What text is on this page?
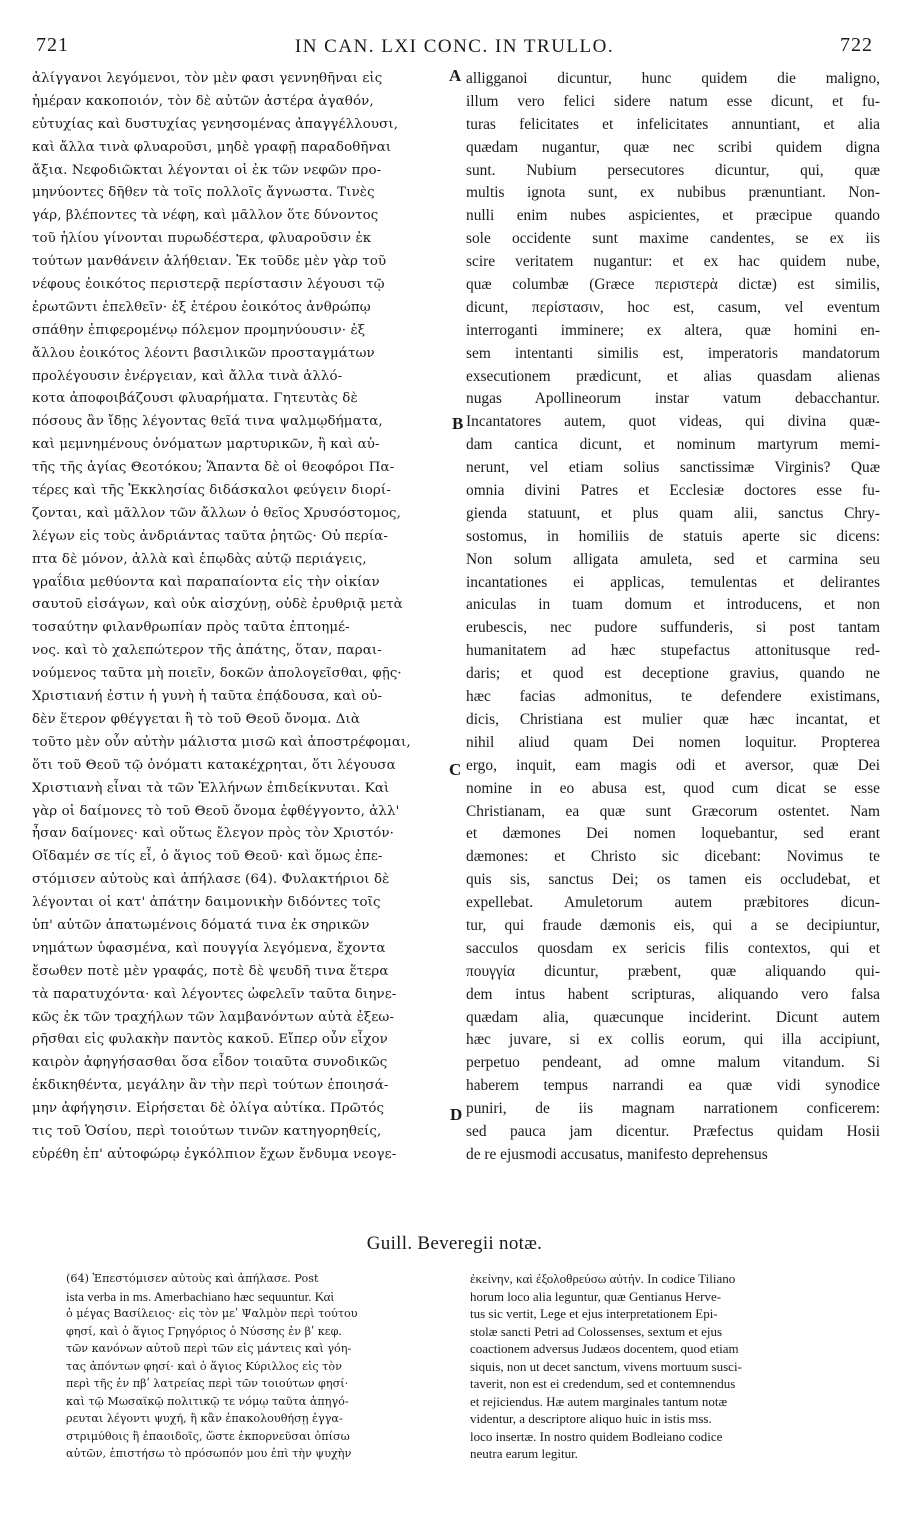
721	IN CAN. LXI CONC. IN TRULLO.	722
ἀλίγγανοι λεγόμενοι, τὸν μὲν φασι γεννηθῆναι εἰς
ἡμέραν κακοποιόν, τὸν δὲ αὐτῶν ἀστέρα ἀγαθόν,
εὐτυχίας καὶ δυστυχίας γενησομένας ἀπαγγέλλουσι,
καὶ ἄλλα τινὰ φλυαροῦσι, μηδὲ γραφῇ παραδοθῆναι
ἄξια. Νεφοδιῶκται λέγονται οἱ ἐκ τῶν νεφῶν προ-
μηνύοντες δῆθεν τὰ τοῖς πολλοῖς ἄγνωστα. Τινὲς
γάρ, βλέποντες τὰ νέφη, καὶ μᾶλλον ὅτε δύνοντος
τοῦ ἡλίου γίνονται πυρωδέστερα, φλυαροῦσιν ἐκ
τούτων μανθάνειν ἀλήθειαν. Ἐκ τοῦδε μὲν γὰρ τοῦ
νέφους ἐοικότος περιστερᾷ περίστασιν λέγουσι τῷ
ἐρωτῶντι ἐπελθεῖν· ἐξ ἑτέρου ἐοικότος ἀνθρώπῳ
σπάθην ἐπιφερομένῳ πόλεμον προμηνύουσιν· ἐξ
ἄλλου ἐοικότος λέοντι βασιλικῶν προσταγμάτων
προλέγουσιν ἐνέργειαν, καὶ ἄλλα τινὰ ἀλλό-
κοτα ἀποφοιβάζουσι φλυαρήματα. Γητευτὰς δὲ
πόσους ἂν ἴδῃς λέγοντας θεῖά τινα ψαλμῳδήματα,
καὶ μεμνημένους ὀνόματων μαρτυρικῶν, ἢ καὶ αὐ-
τῆς τῆς ἁγίας Θεοτόκου; Ἅπαντα δὲ οἱ θεοφόροι Πα-
τέρες καὶ τῆς Ἐκκλησίας διδάσκαλοι φεύγειν διορί-
ζονται, καὶ μᾶλλον τῶν ἄλλων ὁ θεῖος Χρυσόστομος,
λέγων εἰς τοὺς ἀνδριάντας ταῦτα ῥητῶς· Οὐ περία-
πτα δὲ μόνον, ἀλλὰ καὶ ἐπῳδὰς αὐτῷ περιάγεις,
γραΐδια μεθύοντα καὶ παραπαίοντα εἰς τὴν οἰκίαν
σαυτοῦ εἰσάγων, καὶ οὐκ αἰσχύνῃ, οὐδὲ ἐρυθριᾷ μετὰ
τοσαύτην φιλανθρωπίαν πρὸς ταῦτα ἐπτοημέ-
νος. καὶ τὸ χαλεπώτερον τῆς ἀπάτης, ὅταν, παραι-
νούμενος ταῦτα μὴ ποιεῖν, δοκῶν ἀπολογεῖσθαι, φῇς·
Χριστιανή ἐστιν ἡ γυνὴ ἡ ταῦτα ἐπᾴδουσα, καὶ οὐ-
δὲν ἕτερον φθέγγεται ἢ τὸ τοῦ Θεοῦ ὄνομα. Διὰ
τοῦτο μὲν οὖν αὐτὴν μάλιστα μισῶ καὶ ἀποστρέφομαι,
ὅτι τοῦ Θεοῦ τῷ ὀνόματι κατακέχρηται, ὅτι λέγουσα
Χριστιανὴ εἶναι τὰ τῶν Ἑλλήνων ἐπιδείκνυται. Καὶ
γὰρ οἱ δαίμονες τὸ τοῦ Θεοῦ ὄνομα ἐφθέγγοντο, ἀλλ'
ἦσαν δαίμονες· καὶ οὕτως ἔλεγον πρὸς τὸν Χριστόν·
Οἴδαμέν σε τίς εἶ, ὁ ἅγιος τοῦ Θεοῦ· καὶ ὅμως ἐπε-
στόμισεν αὐτοὺς καὶ ἀπήλασε (64). Φυλακτήριοι δὲ
λέγονται οἱ κατ' ἀπάτην δαιμονικὴν διδόντες τοῖς
ὑπ' αὐτῶν ἀπατωμένοις δόματά τινα ἐκ σηρικῶν
νημάτων ὑφασμένα, καὶ πουγγία λεγόμενα, ἔχοντα
ἔσωθεν ποτὲ μὲν γραφάς, ποτὲ δὲ ψευδῆ τινα ἕτερα
τὰ παρατυχόντα· καὶ λέγοντες ὠφελεῖν ταῦτα διηνε-
κῶς ἐκ τῶν τραχήλων τῶν λαμβανόντων αὐτὰ ἐξεω-
ρῆσθαι εἰς φυλακὴν παντὸς κακοῦ. Εἴπερ οὖν εἶχον
καιρὸν ἀφηγήσασθαι ὅσα εἶδον τοιαῦτα συνοδικῶς
ἐκδικηθέντα, μεγάλην ἂν τὴν περὶ τούτων ἐποιησά-
μην ἀφήγησιν. Εἰρήσεται δὲ ὀλίγα αὐτίκα. Πρῶτός
τις τοῦ Ὁσίου, περὶ τοιούτων τινῶν κατηγορηθείς,
εὑρέθη ἐπ' αὐτοφώρῳ ἐγκόλπιον ἔχων ἔνδυμα νεογε-
alligganoi dicuntur, hunc quidem die maligno,
illum vero felici sidere natum esse dicunt, et fu-
turas felicitates et infelicitates annuntiant, et alia
quædam nugantur, quæ nec scribi quidem digna
sunt. Nubium persecutores dicuntur, qui, quæ
multis ignota sunt, ex nubibus prænuntiant. Non-
nulli enim nubes aspicientes, et præcipue quando
sole occidente sunt maxime candentes, se ex iis
scire veritatem nugantur: et ex hac quidem nube,
quæ columbæ (Græce περιστερὰ dictæ) est similis,
dicunt, περίστασιν, hoc est, casum, vel eventum
interroganti imminere; ex altera, quæ homini en-
sem intentanti similis est, imperatoris mandatorum
exsecutionem prædicunt, et alias quasdam alienas
nugas Apollineorum instar vatum debacchantur.
Incantatores autem, quot videas, qui divina quæ-
dam cantica dicunt, et nominum martyrum memi-
nerunt, vel etiam solius sanctissimæ Virginis? Quæ
omnia divini Patres et Ecclesiæ doctores esse fu-
gienda statuunt, et plus quam alii, sanctus Chry-
sostomus, in homiliis de statuis aperte sic dicens:
Non solum alligata amuleta, sed et carmina seu
incantationes ei applicas, temulentas et delirantes
aniculas in tuam domum et introducens, et non
erubescis, nec pudore suffunderis, si post tantam
humanitatem ad hæc stupefactus attonitusque red-
daris; et quod est deceptione gravius, quando ne
hæc facias admonitus, te defendere existimans,
dicis, Christiana est mulier quæ hæc incantat, et
nihil aliud quam Dei nomen loquitur. Propterea
ergo, inquit, eam magis odi et aversor, quæ Dei
nomine in eo abusa est, quod cum dicat se esse
Christianam, ea quæ sunt Græcorum ostentet. Nam
et dæmones Dei nomen loquebantur, sed erant
dæmones: et Christo sic dicebant: Novimus te
quis sis, sanctus Dei; os tamen eis occludebat, et
expellebat. Amuletorum autem præbitores dicun-
tur, qui fraude dæmonis eis, qui a se decipiuntur,
sacculos quosdam ex sericis filis contextos, qui et
πουγγία dicuntur, præbent, quæ aliquando qui-
dem intus habent scripturas, aliquando vero falsa
quædam alia, quæcunque inciderint. Dicunt autem
hæc juvare, si ex collis eorum, qui illa accipiunt,
perpetuo pendeant, ad omne malum vitandum. Si
haberem tempus narrandi ea quæ vidi synodice
puniri, de iis magnam narrationem conficerem:
sed pauca jam dicentur. Præfectus quidam Hosii
de re ejusmodi accusatus, manifesto deprehensus
A
B
C
D
Guill. Beveregii notæ.
(64) Ἐπεστόμισεν αὐτοὺς καὶ ἀπήλασε. Post
ista verba in ms. Amerbachiano hæc sequuntur. Καὶ
ὁ μέγας Βασίλειος· εἰς τὸν μεʹ Ψαλμὸν περὶ τούτου
φησί, καὶ ὁ ἅγιος Γρηγόριος ὁ Νύσσης ἐν βʹ κεφ.
τῶν κανόνων αὐτοῦ περὶ τῶν εἰς μάντεις καὶ γόη-
τας ἀπόντων φησί· καὶ ὁ ἅγιος Κύριλλος εἰς τὸν
περὶ τῆς ἐν πβʹ λατρείας περὶ τῶν τοιούτων φησί·
καὶ τῷ Μωσαϊκῷ πολιτικῷ τε νόμῳ ταῦτα ἀπηγό-
ρευται λέγοντι ψυχή, ἣ κἂν ἐπακολουθήσῃ ἐγγα-
στριμύθοις ἢ ἐπαοιδοῖς, ὥστε ἐκπορνεῦσαι ὀπίσω
αὐτῶν, ἐπιστήσω τὸ πρόσωπόν μου ἐπὶ τὴν ψυχὴν
ἐκείνην, καὶ ἐξολοθρεύσω αὐτήν. In codice Tiliano
horum loco alia leguntur, quæ Gentianus Herve-
tus sic vertit, Lege et ejus interpretationem Epi-
stolæ sancti Petri ad Colossenses, sextum et ejus
coactionem adversus Judæos docentem, quod etiam
siquis, non ut decet sanctum, vivens mortuum susci-
taverit, non est ei credendum, sed et contemnendus
et rejiciendus. Hæ autem marginales tantum notæ
videntur, a descriptore aliquo huic in istis mss.
loco insertæ. In nostro quidem Bodleiano codice
neutra earum legitur.
